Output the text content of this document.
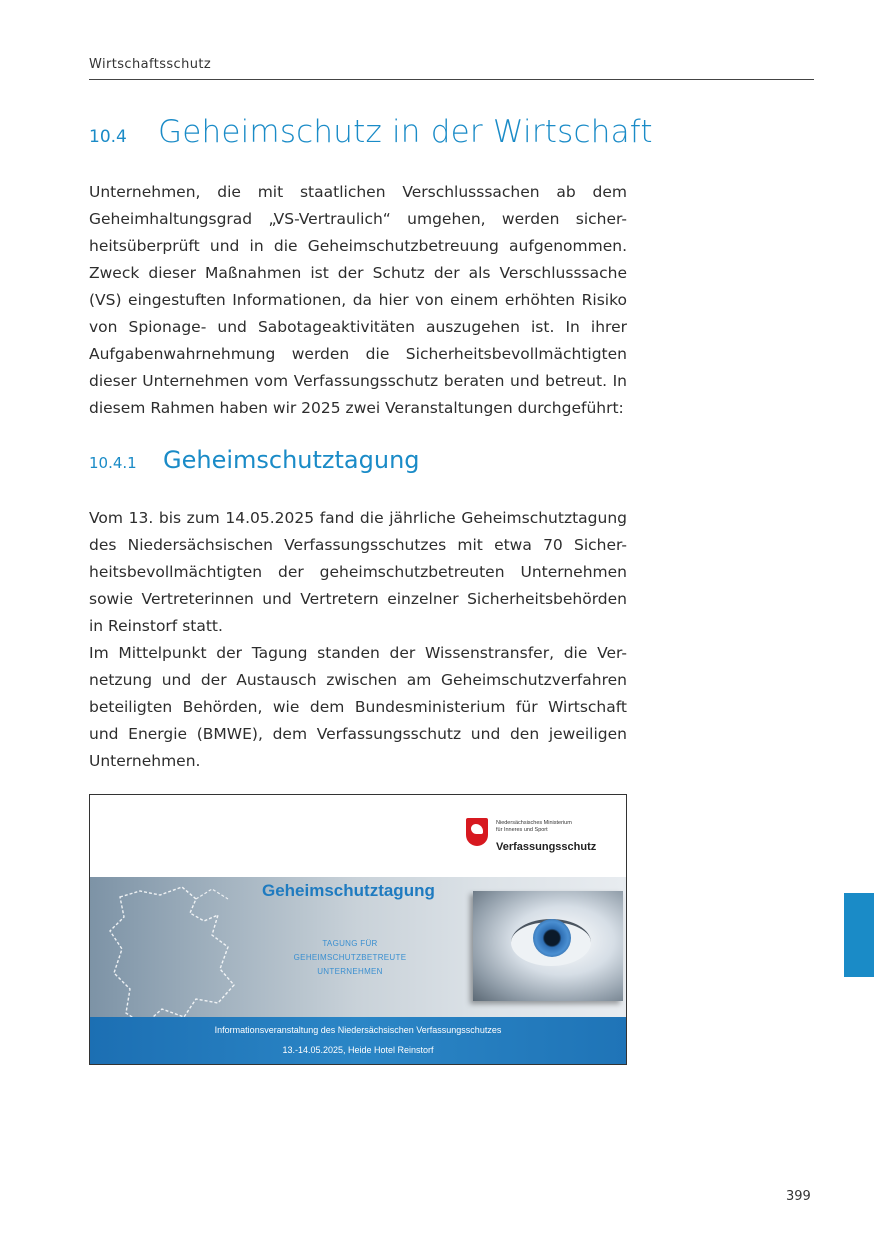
Wirtschaftsschutz
10.4 Geheimschutz in der Wirtschaft
Unternehmen, die mit staatlichen Verschlusssachen ab dem
Geheimhaltungsgrad „VS-Vertraulich“ umgehen, werden sicher-
heitsüberprüft und in die Geheimschutzbetreuung aufgenommen.
Zweck dieser Maßnahmen ist der Schutz der als Verschlusssache
(VS) eingestuften Informationen, da hier von einem erhöhten Risiko
von Spionage- und Sabotageaktivitäten auszugehen ist. In ihrer
Aufgabenwahrnehmung werden die Sicherheitsbevollmächtigten
dieser Unternehmen vom Verfassungsschutz beraten und betreut. In
diesem Rahmen haben wir 2025 zwei Veranstaltungen durchgeführt:
10.4.1 Geheimschutztagung
Vom 13. bis zum 14.05.2025 fand die jährliche Geheimschutztagung
des Niedersächsischen Verfassungsschutzes mit etwa 70 Sicher-
heitsbevollmächtigten der geheimschutzbetreuten Unternehmen
sowie Vertreterinnen und Vertretern einzelner Sicherheitsbehörden
in Reinstorf statt.
Im Mittelpunkt der Tagung standen der Wissenstransfer, die Ver-
netzung und der Austausch zwischen am Geheimschutzverfahren
beteiligten Behörden, wie dem Bundesministerium für Wirtschaft
und Energie (BMWE), dem Verfassungsschutz und den jeweiligen
Unternehmen.
Niedersächsisches Ministerium
für Inneres und Sport
Verfassungsschutz
Geheimschutztagung
TAGUNG FÜR
GEHEIMSCHUTZBETREUTE
UNTERNEHMEN
Informationsveranstaltung des Niedersächsischen Verfassungsschutzes
13.-14.05.2025, Heide Hotel Reinstorf
399
